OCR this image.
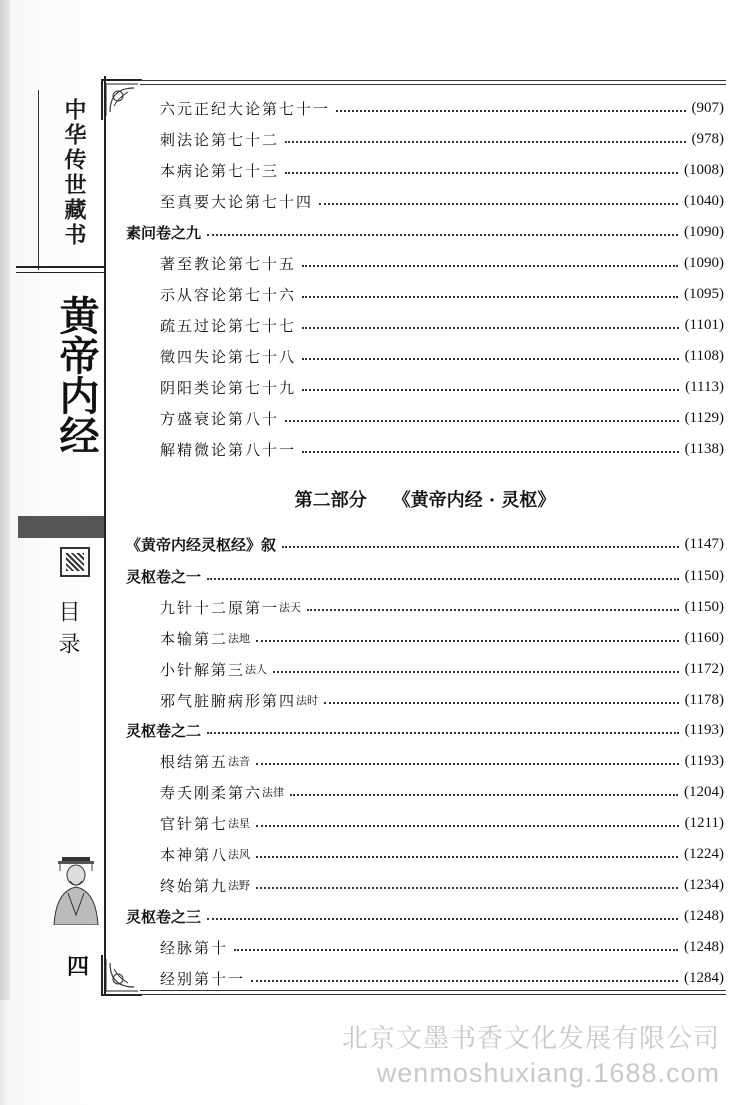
中华传世藏书
黄帝内经
目录
四
第二部分 《黄帝内经 · 灵枢》
六元正纪大论第七十一	(907)
刺法论第七十二	(978)
本病论第七十三	(1008)
至真要大论第七十四	(1040)
素问卷之九	(1090)
著至教论第七十五	(1090)
示从容论第七十六	(1095)
疏五过论第七十七	(1101)
徵四失论第七十八	(1108)
阴阳类论第七十九	(1113)
方盛衰论第八十	(1129)
解精微论第八十一	(1138)
《黄帝内经灵枢经》叙	(1147)
灵枢卷之一	(1150)
九针十二原第一 法天	(1150)
本输第二 法地	(1160)
小针解第三 法人	(1172)
邪气脏腑病形第四 法时	(1178)
灵枢卷之二	(1193)
根结第五 法音	(1193)
寿夭刚柔第六 法律	(1204)
官针第七 法星	(1211)
本神第八 法风	(1224)
终始第九 法野	(1234)
灵枢卷之三	(1248)
经脉第十	(1248)
经别第十一	(1284)
北京文墨书香文化发展有限公司
wenmoshuxiang.1688.com
